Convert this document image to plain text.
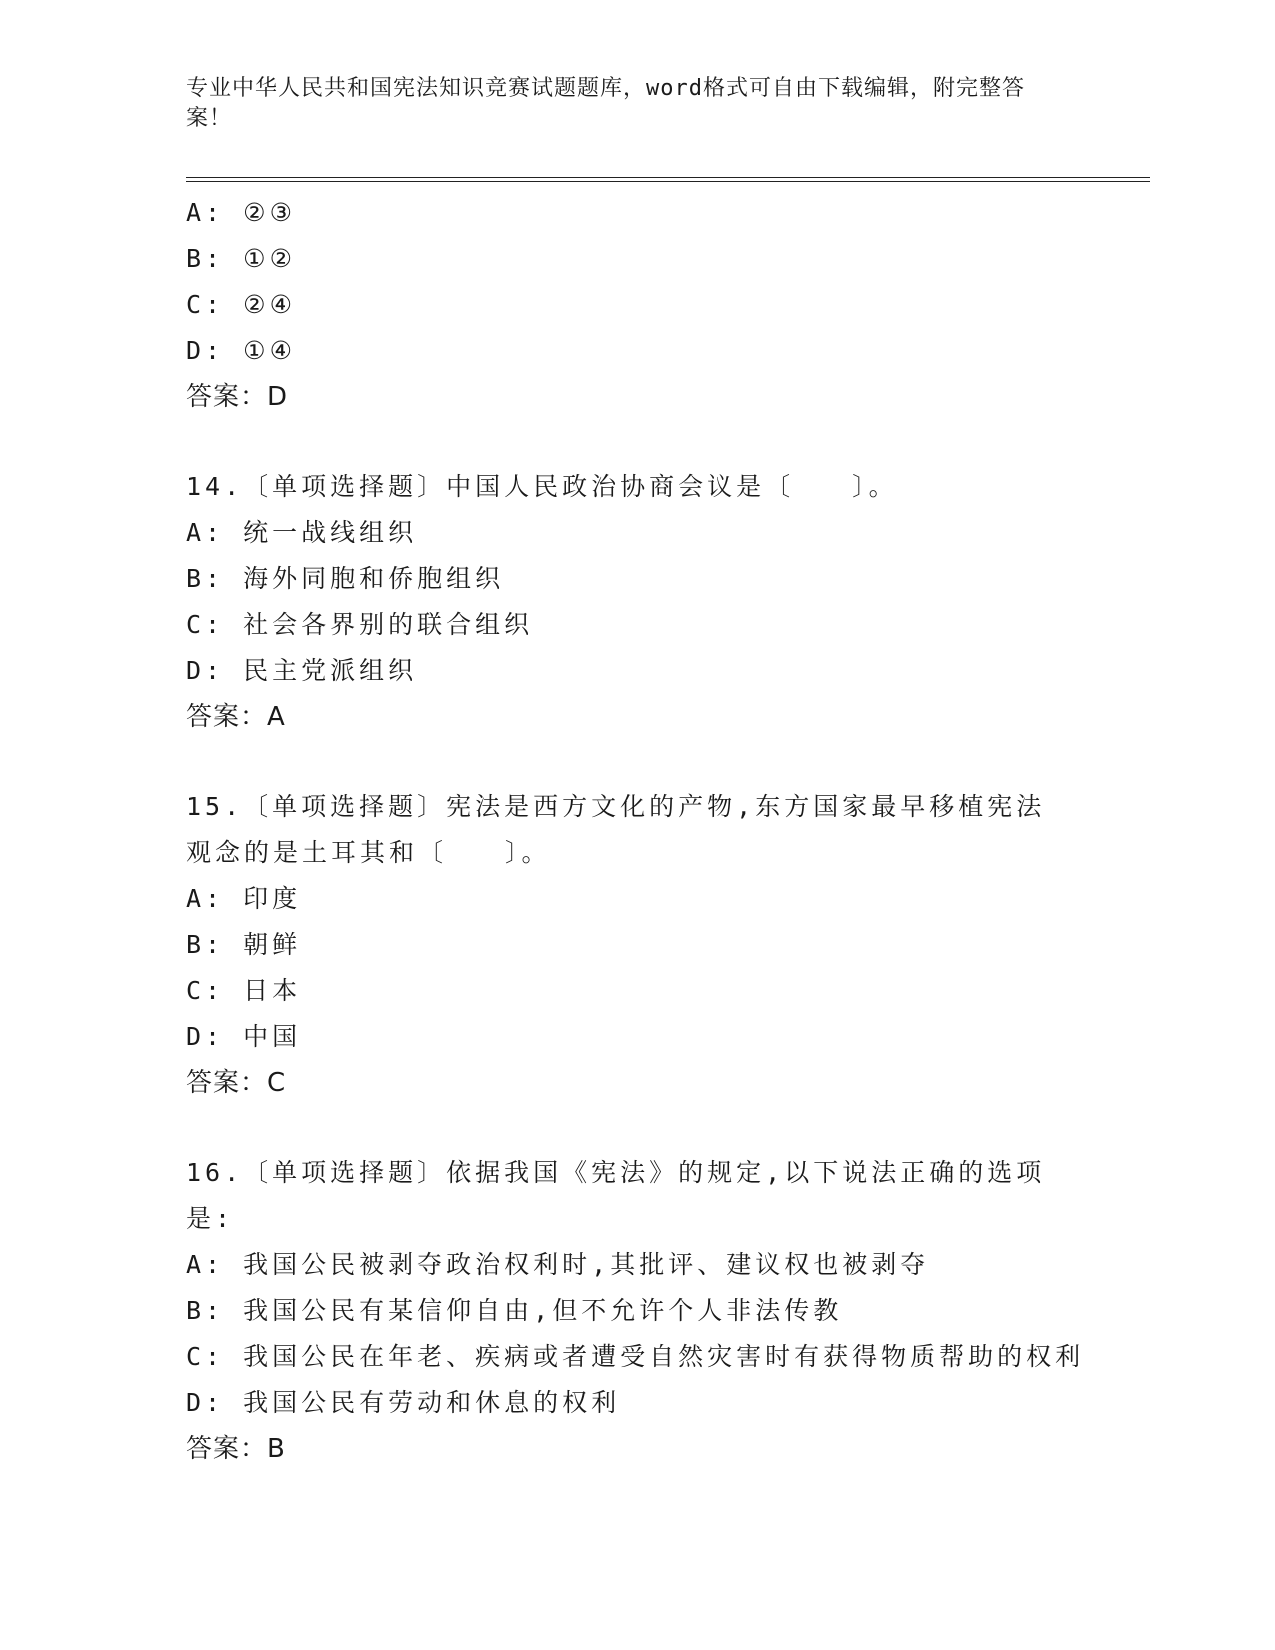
专业中华人民共和国宪法知识竞赛试题题库，word格式可自由下载编辑，附完整答案！
A: ②③
B: ①②
C: ②④
D: ①④
答案：D
14.〔单项选择题〕中国人民政治协商会议是〔　　〕。
A: 统一战线组织
B: 海外同胞和侨胞组织
C: 社会各界别的联合组织
D: 民主党派组织
答案：A
15.〔单项选择题〕宪法是西方文化的产物,东方国家最早移植宪法观念的是土耳其和〔　　〕。
A: 印度
B: 朝鲜
C: 日本
D: 中国
答案：C
16.〔单项选择题〕依据我国《宪法》的规定,以下说法正确的选项是:
A: 我国公民被剥夺政治权利时,其批评、建议权也被剥夺
B: 我国公民有某信仰自由,但不允许个人非法传教
C: 我国公民在年老、疾病或者遭受自然灾害时有获得物质帮助的权利
D: 我国公民有劳动和休息的权利
答案：B
